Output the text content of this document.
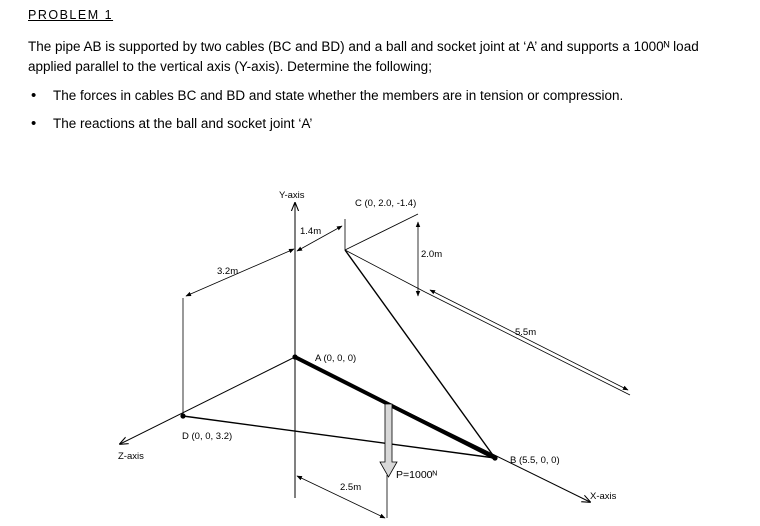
PROBLEM 1
The pipe AB is supported by two cables (BC and BD) and a ball and socket joint at ‘A’ and supports a 1000ᴺ load applied parallel to the vertical axis (Y-axis). Determine the following;
• The forces in cables BC and BD and state whether the members are in tension or compression.
• The reactions at the ball and socket joint ‘A’
Y-axis
Z-axis
X-axis
C (0, 2.0, -1.4)
A (0, 0, 0)
D (0, 0, 3.2)
B (5.5, 0, 0)
1.4m
2.0m
3.2m
5.5m
2.5m
P=1000ᴺ
